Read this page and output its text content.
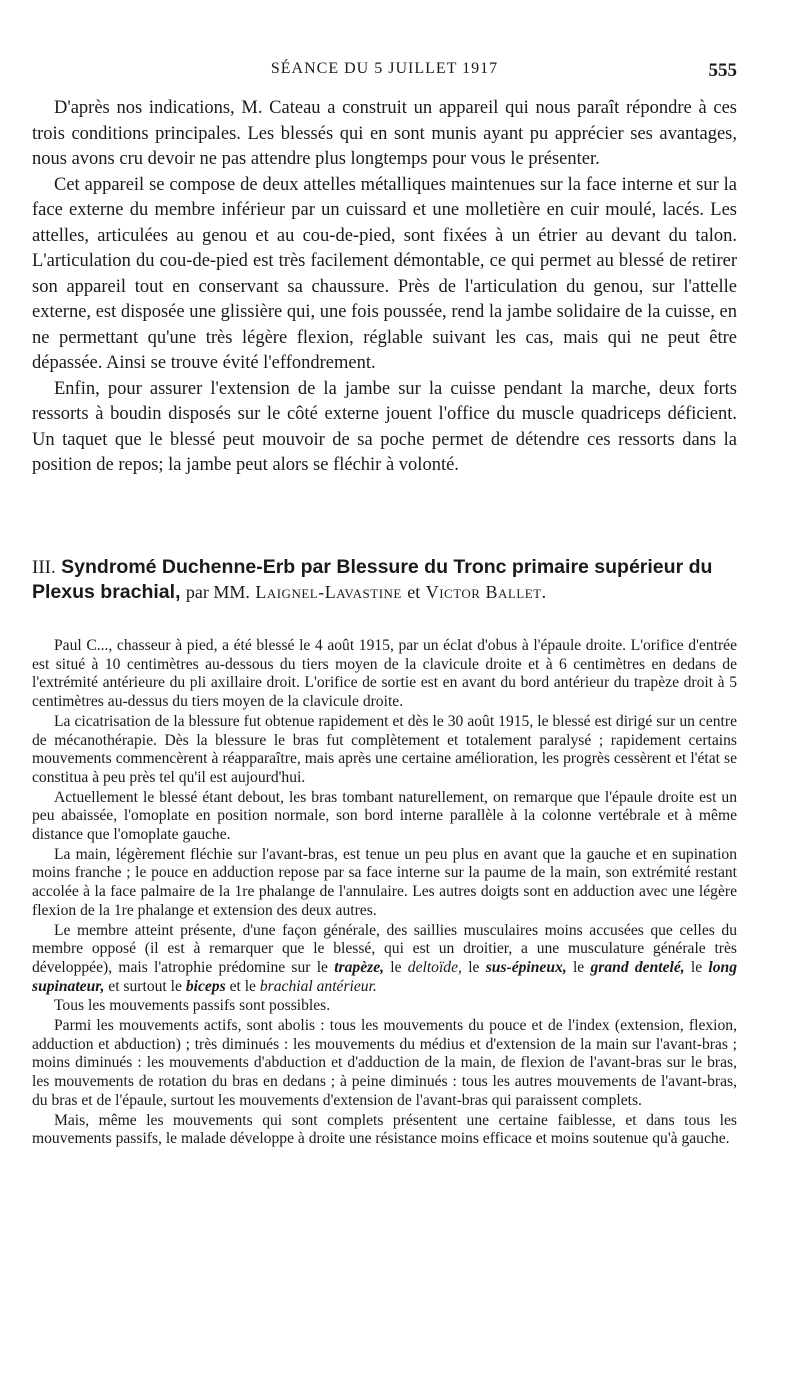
SÉANCE DU 5 JUILLET 1917	555

D'après nos indications, M. Cateau a construit un appareil qui nous paraît répondre à ces trois conditions principales. Les blessés qui en sont munis ayant pu apprécier ses avantages, nous avons cru devoir ne pas attendre plus longtemps pour vous le présenter.

Cet appareil se compose de deux attelles métalliques maintenues sur la face interne et sur la face externe du membre inférieur par un cuissard et une molletière en cuir moulé, lacés. Les attelles, articulées au genou et au cou-de-pied, sont fixées à un étrier au devant du talon. L'articulation du cou-de-pied est très facilement démontable, ce qui permet au blessé de retirer son appareil tout en conservant sa chaussure. Près de l'articulation du genou, sur l'attelle externe, est disposée une glissière qui, une fois poussée, rend la jambe solidaire de la cuisse, en ne permettant qu'une très légère flexion, réglable suivant les cas, mais qui ne peut être dépassée. Ainsi se trouve évité l'effondrement.

Enfin, pour assurer l'extension de la jambe sur la cuisse pendant la marche, deux forts ressorts à boudin disposés sur le côté externe jouent l'office du muscle quadriceps déficient. Un taquet que le blessé peut mouvoir de sa poche permet de détendre ces ressorts dans la position de repos; la jambe peut alors se fléchir à volonté.

III. Syndromé Duchenne-Erb par Blessure du Tronc primaire supérieur du Plexus brachial, par MM. Laignel-Lavastine et Victor Ballet.

Paul C..., chasseur à pied, a été blessé le 4 août 1915, par un éclat d'obus à l'épaule droite. L'orifice d'entrée est situé à 10 centimètres au-dessous du tiers moyen de la clavicule droite et à 6 centimètres en dedans de l'extrémité antérieure du pli axillaire droit. L'orifice de sortie est en avant du bord antérieur du trapèze droit à 5 centimètres au-dessus du tiers moyen de la clavicule droite.

La cicatrisation de la blessure fut obtenue rapidement et dès le 30 août 1915, le blessé est dirigé sur un centre de mécanothérapie. Dès la blessure le bras fut complètement et totalement paralysé ; rapidement certains mouvements commencèrent à réapparaître, mais après une certaine amélioration, les progrès cessèrent et l'état se constitua à peu près tel qu'il est aujourd'hui.

Actuellement le blessé étant debout, les bras tombant naturellement, on remarque que l'épaule droite est un peu abaissée, l'omoplate en position normale, son bord interne parallèle à la colonne vertébrale et à même distance que l'omoplate gauche.

La main, légèrement fléchie sur l'avant-bras, est tenue un peu plus en avant que la gauche et en supination moins franche ; le pouce en adduction repose par sa face interne sur la paume de la main, son extrémité restant accolée à la face palmaire de la 1re phalange de l'annulaire. Les autres doigts sont en adduction avec une légère flexion de la 1re phalange et extension des deux autres.

Le membre atteint présente, d'une façon générale, des saillies musculaires moins accusées que celles du membre opposé (il est à remarquer que le blessé, qui est un droitier, a une musculature générale très développée), mais l'atrophie prédomine sur le trapèze, le deltoïde, le sus-épineux, le grand dentelé, le long supinateur, et surtout le biceps et le brachial antérieur.

Tous les mouvements passifs sont possibles.

Parmi les mouvements actifs, sont abolis : tous les mouvements du pouce et de l'index (extension, flexion, adduction et abduction) ; très diminués : les mouvements du médius et d'extension de la main sur l'avant-bras ; moins diminués : les mouvements d'abduction et d'adduction de la main, de flexion de l'avant-bras sur le bras, les mouvements de rotation du bras en dedans ; à peine diminués : tous les autres mouvements de l'avant-bras, du bras et de l'épaule, surtout les mouvements d'extension de l'avant-bras qui paraissent complets.

Mais, même les mouvements qui sont complets présentent une certaine faiblesse, et dans tous les mouvements passifs, le malade développe à droite une résistance moins efficace et moins soutenue qu'à gauche.
